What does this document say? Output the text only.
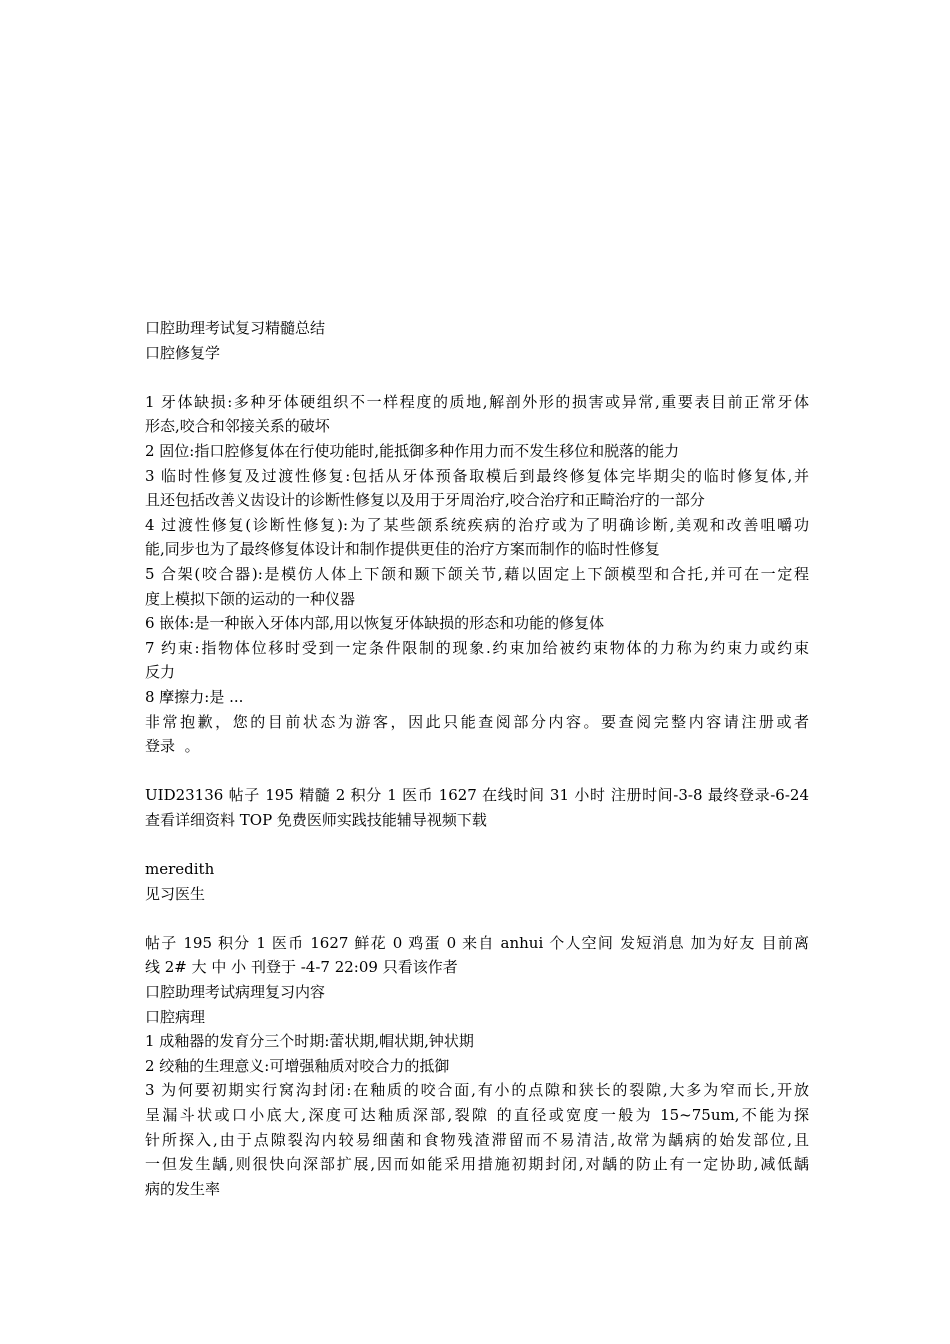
口腔助理考试复习精髓总结
口腔修复学
1 牙体缺损:多种牙体硬组织不一样程度的质地,解剖外形的损害或异常,重要表目前正常牙体
形态,咬合和邻接关系的破坏
2 固位:指口腔修复体在行使功能时,能抵御多种作用力而不发生移位和脱落的能力
3 临时性修复及过渡性修复:包括从牙体预备取模后到最终修复体完毕期尖的临时修复体,并
且还包括改善义齿设计的诊断性修复以及用于牙周治疗,咬合治疗和正畸治疗的一部分
4 过渡性修复(诊断性修复):为了某些颌系统疾病的治疗或为了明确诊断,美观和改善咀嚼功
能,同步也为了最终修复体设计和制作提供更佳的治疗方案而制作的临时性修复
5 合架(咬合器):是模仿人体上下颌和颞下颌关节,藉以固定上下颌模型和合托,并可在一定程
度上模拟下颌的运动的一种仪器
6 嵌体:是一种嵌入牙体内部,用以恢复牙体缺损的形态和功能的修复体
7 约束:指物体位移时受到一定条件限制的现象.约束加给被约束物体的力称为约束力或约束
反力
8 摩擦力:是 ...
非常抱歉，您的目前状态为游客，因此只能查阅部分内容。要查阅完整内容请注册或者
登录 。
UID23136 帖子 195 精髓 2 积分 1 医币 1627 在线时间 31 小时 注册时间-3-8 最终登录-6-24
查看详细资料 TOP 免费医师实践技能辅导视频下载
meredith
见习医生
帖子 195 积分 1 医币 1627 鲜花 0 鸡蛋 0 来自 anhui 个人空间 发短消息 加为好友 目前离
线 2# 大 中 小 刊登于 -4-7 22:09 只看该作者
口腔助理考试病理复习内容
口腔病理
1 成釉器的发育分三个时期:蕾状期,帽状期,钟状期
2 绞釉的生理意义:可增强釉质对咬合力的抵御
3 为何要初期实行窝沟封闭:在釉质的咬合面,有小的点隙和狭长的裂隙,大多为窄而长,开放
呈漏斗状或口小底大,深度可达釉质深部,裂隙 的直径或宽度一般为 15~75um,不能为探
针所探入,由于点隙裂沟内较易细菌和食物残渣滞留而不易清洁,故常为龋病的始发部位,且
一但发生龋,则很快向深部扩展,因而如能采用措施初期封闭,对龋的防止有一定协助,减低龋
病的发生率
